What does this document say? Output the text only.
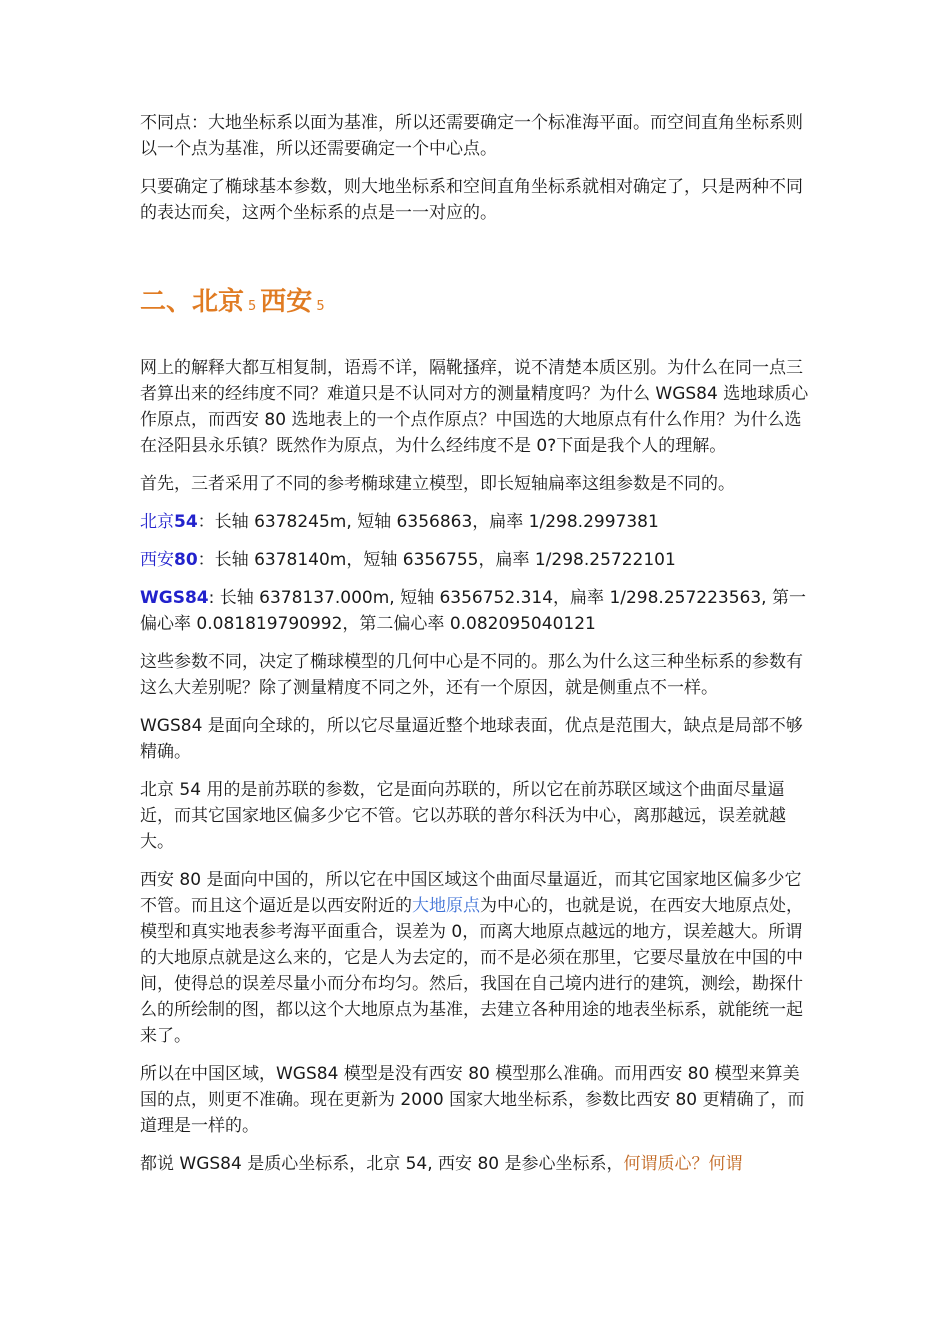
不同点：大地坐标系以面为基准，所以还需要确定一个标准海平面。而空间直角坐标系则以一个点为基准，所以还需要确定一个中心点。

只要确定了椭球基本参数，则大地坐标系和空间直角坐标系就相对确定了，只是两种不同的表达而矣，这两个坐标系的点是一一对应的。

二、北京 5 西安 5

网上的解释大都互相复制，语焉不详，隔靴搔痒，说不清楚本质区别。为什么在同一点三者算出来的经纬度不同？难道只是不认同对方的测量精度吗？为什么 WGS84 选地球质心作原点，而西安 80 选地表上的一个点作原点？中国选的大地原点有什么作用？为什么选在泾阳县永乐镇？既然作为原点，为什么经纬度不是 0?下面是我个人的理解。

首先，三者采用了不同的参考椭球建立模型，即长短轴扁率这组参数是不同的。

北京54：长轴 6378245m, 短轴 6356863，扁率 1/298.2997381

西安80：长轴 6378140m，短轴 6356755，扁率 1/298.25722101

WGS84: 长轴 6378137.000m, 短轴 6356752.314，扁率 1/298.257223563, 第一偏心率 0.081819790992，第二偏心率 0.082095040121

这些参数不同，决定了椭球模型的几何中心是不同的。那么为什么这三种坐标系的参数有这么大差别呢？除了测量精度不同之外，还有一个原因，就是侧重点不一样。

WGS84 是面向全球的，所以它尽量逼近整个地球表面，优点是范围大，缺点是局部不够精确。

北京 54 用的是前苏联的参数，它是面向苏联的，所以它在前苏联区域这个曲面尽量逼近，而其它国家地区偏多少它不管。它以苏联的普尔科沃为中心，离那越远，误差就越大。

西安 80 是面向中国的，所以它在中国区域这个曲面尽量逼近，而其它国家地区偏多少它不管。而且这个逼近是以西安附近的大地原点为中心的，也就是说，在西安大地原点处，模型和真实地表参考海平面重合，误差为 0，而离大地原点越远的地方，误差越大。所谓的大地原点就是这么来的，它是人为去定的，而不是必须在那里，它要尽量放在中国的中间，使得总的误差尽量小而分布均匀。然后，我国在自己境内进行的建筑，测绘，勘探什么的所绘制的图，都以这个大地原点为基准，去建立各种用途的地表坐标系，就能统一起来了。

所以在中国区域，WGS84 模型是没有西安 80 模型那么准确。而用西安 80 模型来算美国的点，则更不准确。现在更新为 2000 国家大地坐标系，参数比西安 80 更精确了，而道理是一样的。

都说 WGS84 是质心坐标系，北京 54, 西安 80 是参心坐标系，何谓质心？何谓
